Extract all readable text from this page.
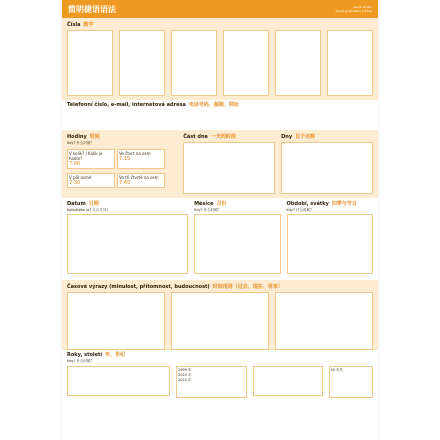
简明捷语语法	Jazyk Studio
Česká gramatika a fráze
Čísla 数字
Telefonní číslo, e-mail, internetová adresa 电话号码、邮箱、网址
Hodiny 时间
Kdy? 什么时候？
V kolik? / Kolik je hodin?
7:00
Ve čtvrt na osm
7:15
V půl osmé
7:30
Ve tři čtvrtě na osm
7:45
Část dne 一天的时段	Dny 日子名称
Datum 日期
Kolikátého je? 几月几号？
Měsíce 月份
Kdy? 什么时候？
Období, svátky 四季与节日
Kdy? 什么时候？
Časové výrazy (minulost, přítomnost, budoucnost) 时间用语（过去、现在、将来）
Roky, století 年、世纪
Kdy? 什么时候？
1999 年
2010 年
2010 年
50 年代
